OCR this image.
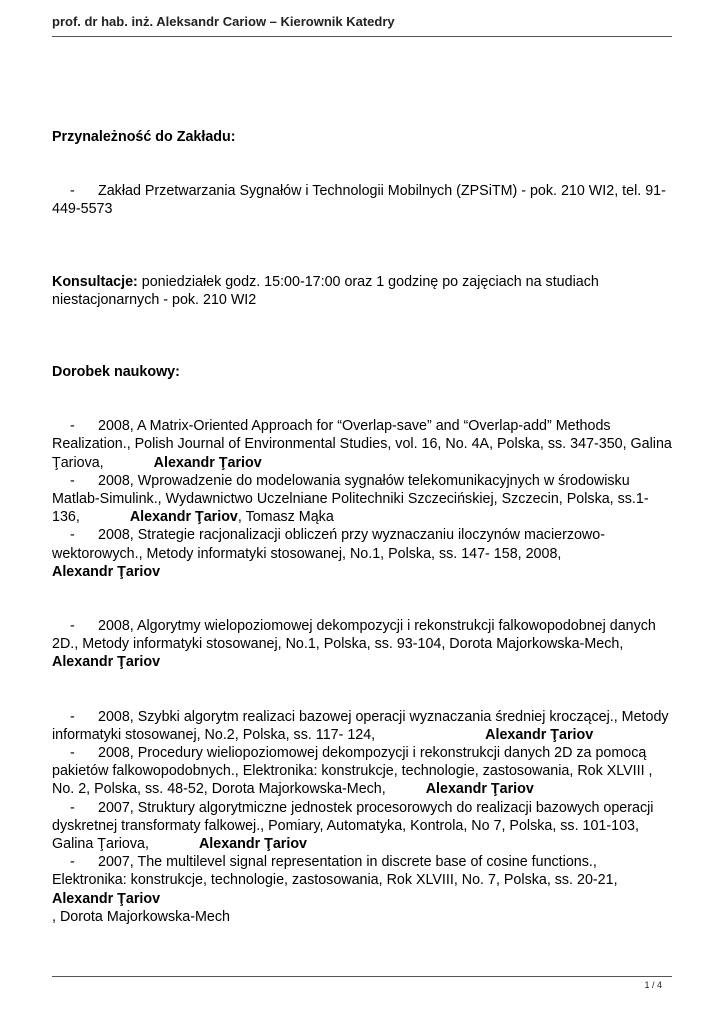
prof. dr hab. inż. Aleksandr Cariow – Kierownik Katedry

Przynależność do Zakładu:

- Zakład Przetwarzania Sygnałów i Technologii Mobilnych (ZPSiTM) - pok. 210 WI2, tel. 91-449-5573

Konsultacje: poniedziałek godz. 15:00-17:00 oraz 1 godzinę po zajęciach na studiach niestacjonarnych - pok. 210 WI2

Dorobek naukowy:

- 2008, A Matrix-Oriented Approach for “Overlap-save” and “Overlap-add” Methods Realization., Polish Journal of Environmental Studies, vol. 16, No. 4A, Polska, ss. 347-350, Galina Ţariova,	Alexandr Ţariov

- 2008, Wprowadzenie do modelowania sygnałów telekomunikacyjnych w środowisku Matlab-Simulink., Wydawnictwo Uczelniane Politechniki Szczecińskiej, Szczecin, Polska, ss.1-136,	Alexandr Ţariov, Tomasz Mąka

- 2008, Strategie racjonalizacji obliczeń przy wyznaczaniu iloczynów macierzowo-wektorowych., Metody informatyki stosowanej, No.1, Polska, ss. 147- 158, 2008,
Alexandr Ţariov

- 2008, Algorytmy wielopoziomowej dekompozycji i rekonstrukcji falkowopodobnej danych 2D., Metody informatyki stosowanej, No.1, Polska, ss. 93-104, Dorota Majorkowska-Mech,
Alexandr Ţariov

- 2008, Szybki algorytm realizaci bazowej operacji wyznaczania średniej kroczącej., Metody informatyki stosowanej, No.2, Polska, ss. 117- 124,	Alexandr Ţariov

- 2008, Procedury wieliopoziomowej dekompozycji i rekonstrukcji danych 2D za pomocą pakietów falkowopodobnych., Elektronika: konstrukcje, technologie, zastosowania, Rok XLVIII , No. 2, Polska, ss. 48-52, Dorota Majorkowska-Mech,	Alexandr Ţariov

- 2007, Struktury algorytmiczne jednostek procesorowych do realizacji bazowych operacji dyskretnej transformaty falkowej., Pomiary, Automatyka, Kontrola, No 7, Polska, ss. 101-103, Galina Ţariova,	Alexandr Ţariov

- 2007, The multilevel signal representation in discrete base of cosine functions., Elektronika: konstrukcje, technologie, zastosowania, Rok XLVIII, No. 7, Polska, ss. 20-21,
Alexandr Ţariov
, Dorota Majorkowska-Mech

1 / 4
